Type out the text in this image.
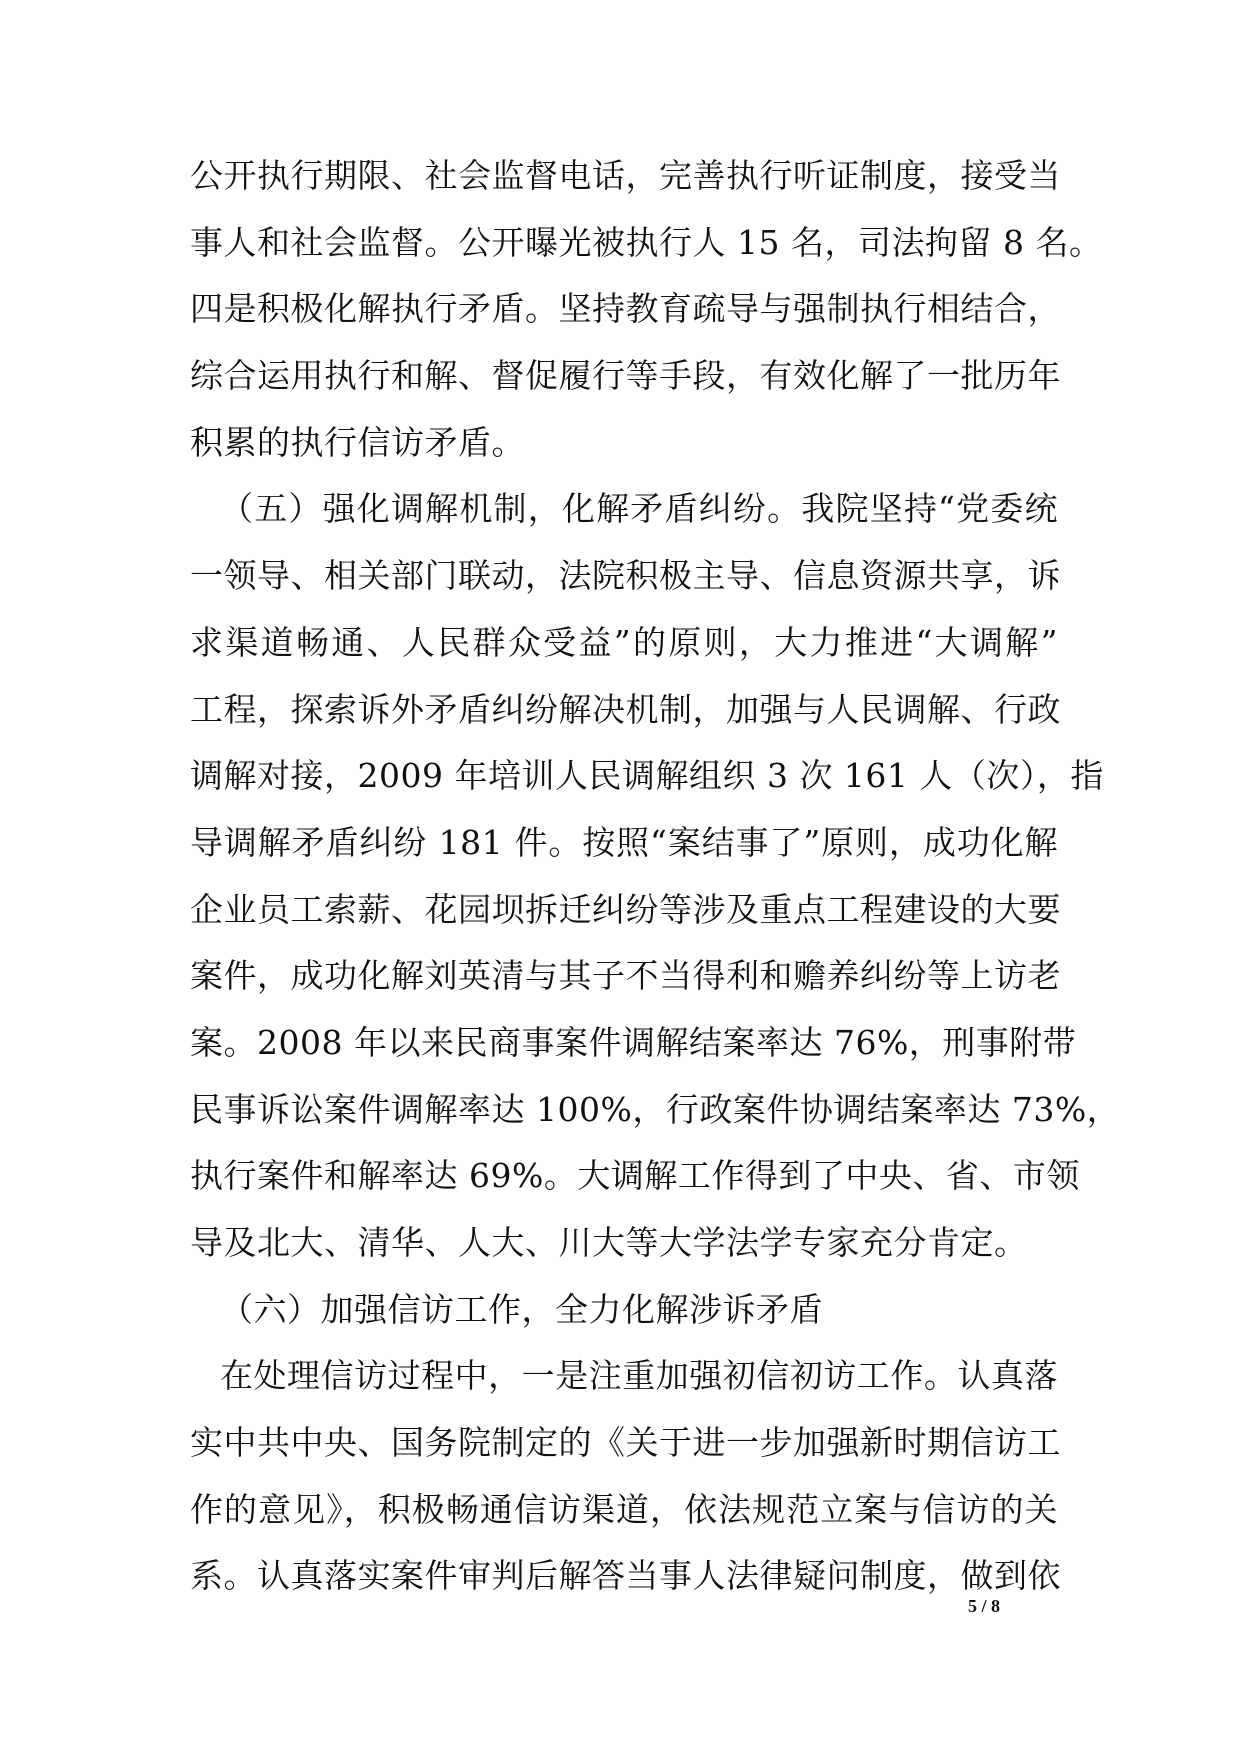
公开执行期限、社会监督电话，完善执行听证制度，接受当
事人和社会监督。公开曝光被执行人 15 名，司法拘留 8 名。
四是积极化解执行矛盾。坚持教育疏导与强制执行相结合，
综合运用执行和解、督促履行等手段，有效化解了一批历年
积累的执行信访矛盾。
（五）强化调解机制，化解矛盾纠纷。我院坚持“党委统
一领导、相关部门联动，法院积极主导、信息资源共享，诉
求渠道畅通、人民群众受益”的原则，大力推进“大调解”
工程，探索诉外矛盾纠纷解决机制，加强与人民调解、行政
调解对接，2009 年培训人民调解组织 3 次 161 人（次），指
导调解矛盾纠纷 181 件。按照“案结事了”原则，成功化解
企业员工索薪、花园坝拆迁纠纷等涉及重点工程建设的大要
案件，成功化解刘英清与其子不当得利和赡养纠纷等上访老
案。2008 年以来民商事案件调解结案率达 76%，刑事附带
民事诉讼案件调解率达 100%，行政案件协调结案率达 73%，
执行案件和解率达 69%。大调解工作得到了中央、省、市领
导及北大、清华、人大、川大等大学法学专家充分肯定。
（六）加强信访工作，全力化解涉诉矛盾
在处理信访过程中，一是注重加强初信初访工作。认真落
实中共中央、国务院制定的《关于进一步加强新时期信访工
作的意见》，积极畅通信访渠道，依法规范立案与信访的关
系。认真落实案件审判后解答当事人法律疑问制度，做到依
5 / 8
